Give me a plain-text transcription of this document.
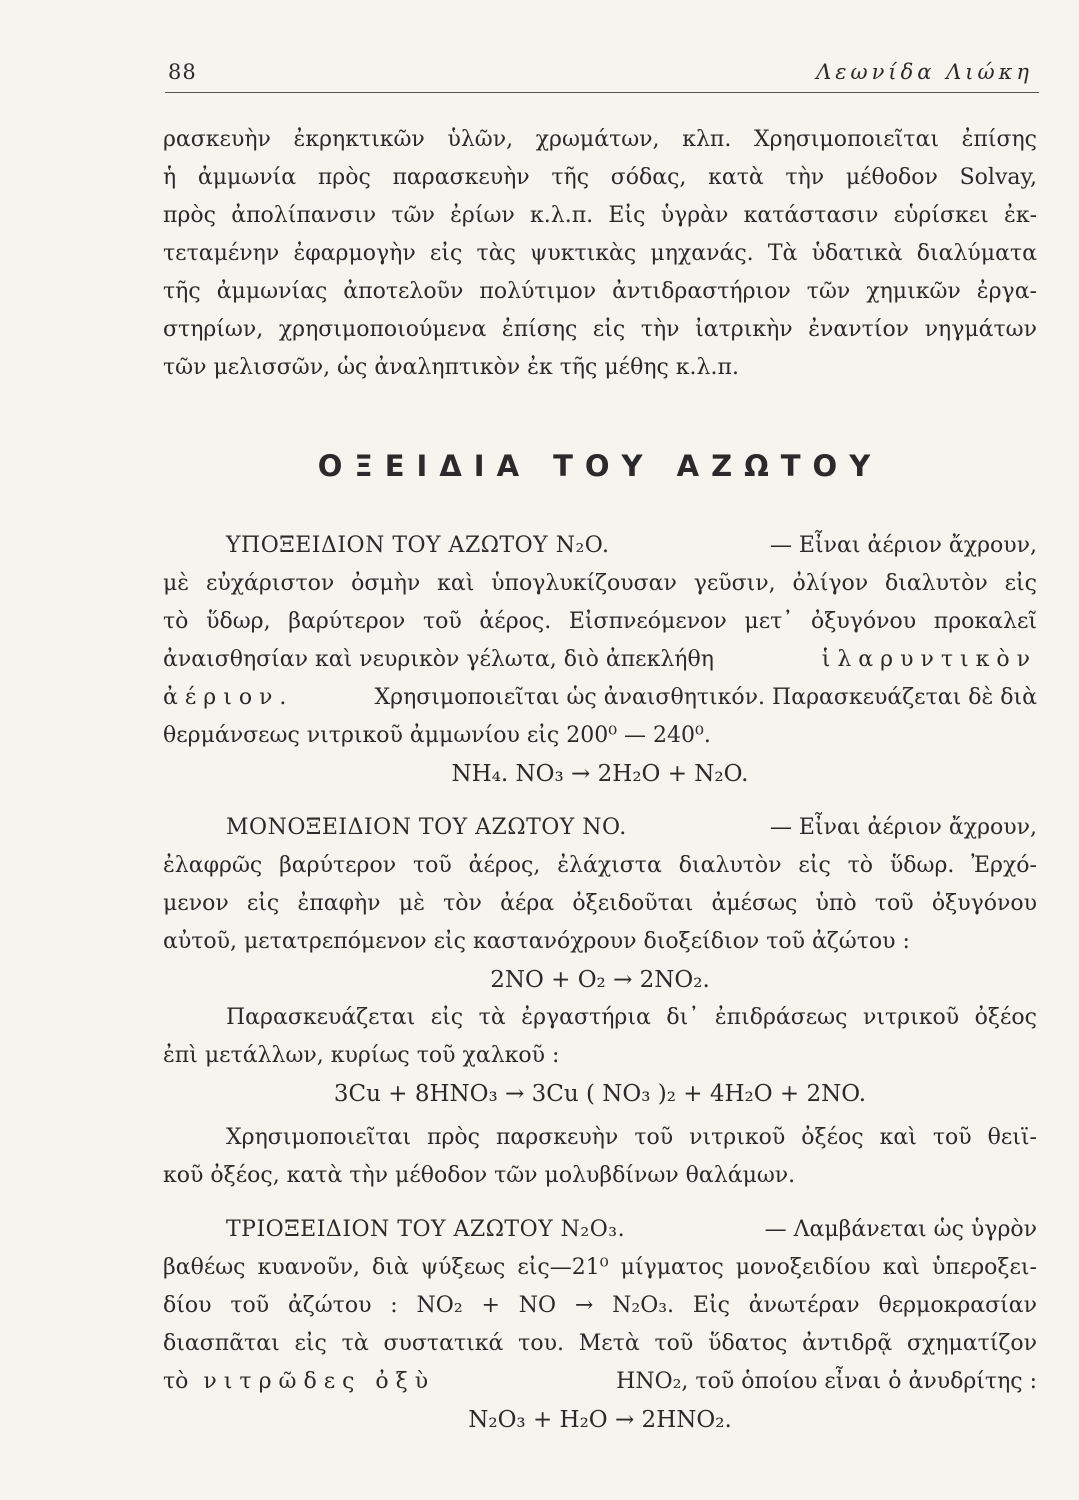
88	Λεωνίδα Λιώκη
ρασκευὴν ἐκρηκτικῶν ὑλῶν, χρωμάτων, κλπ. Χρησιμοποιεῖται ἐπίσης
ἡ ἀμμωνία πρὸς παρασκευὴν τῆς σόδας, κατὰ τὴν μέθοδον Solvay,
πρὸς ἀπολίπανσιν τῶν ἐρίων κ.λ.π. Εἰς ὑγρὰν κατάστασιν εὑρίσκει ἐκ-
τεταμένην ἐφαρμογὴν εἰς τὰς ψυκτικὰς μηχανάς. Τὰ ὑδατικὰ διαλύματα
τῆς ἀμμωνίας ἀποτελοῦν πολύτιμον ἀντιδραστήριον τῶν χημικῶν ἐργα-
στηρίων, χρησιμοποιούμενα ἐπίσης εἰς τὴν ἰατρικὴν ἐναντίον νηγμάτων
τῶν μελισσῶν, ὡς ἀναληπτικὸν ἐκ τῆς μέθης κ.λ.π.
ΟΞΕΙΔΙΑ ΤΟΥ ΑΖΩΤΟΥ
ΥΠΟΞΕΙΔΙΟΝ ΤΟΥ ΑΖΩΤΟΥ N₂O.	— Εἶναι ἀέριον ἄχρουν,
μὲ εὐχάριστον ὀσμὴν καὶ ὑπογλυκίζουσαν γεῦσιν, ὀλίγον διαλυτὸν εἰς
τὸ ὕδωρ, βαρύτερον τοῦ ἀέρος. Εἰσπνεόμενον μετ᾽ ὀξυγόνου προκαλεῖ
ἀναισθησίαν καὶ νευρικὸν γέλωτα, διὸ ἀπεκλήθη	ἱλαρυντικὸν
ἀέριον.	Χρησιμοποιεῖται ὡς ἀναισθητικόν. Παρασκευάζεται δὲ διὰ
θερμάνσεως νιτρικοῦ ἀμμωνίου εἰς 200⁰ — 240⁰.
NH₄. NO₃ → 2H₂O + N₂O.
ΜΟΝΟΞΕΙΔΙΟΝ ΤΟΥ ΑΖΩΤΟΥ NO.	— Εἶναι ἀέριον ἄχρουν,
ἐλαφρῶς βαρύτερον τοῦ ἀέρος, ἐλάχιστα διαλυτὸν εἰς τὸ ὕδωρ. Ἐρχό-
μενον εἰς ἐπαφὴν μὲ τὸν ἀέρα ὀξειδοῦται ἀμέσως ὑπὸ τοῦ ὀξυγόνου
αὐτοῦ, μετατρεπόμενον εἰς καστανόχρουν διοξείδιον τοῦ ἀζώτου :
2NO + O₂ → 2NO₂.
Παρασκευάζεται εἰς τὰ ἐργαστήρια δι᾽ ἐπιδράσεως νιτρικοῦ ὀξέος
ἐπὶ μετάλλων, κυρίως τοῦ χαλκοῦ :
3Cu + 8HNO₃ → 3Cu ( NO₃ )₂ + 4H₂O + 2NO.
Χρησιμοποιεῖται πρὸς παρσκευὴν τοῦ νιτρικοῦ ὀξέος καὶ τοῦ θειϊ-
κοῦ ὀξέος, κατὰ τὴν μέθοδον τῶν μολυβδίνων θαλάμων.
ΤΡΙΟΞΕΙΔΙΟΝ ΤΟΥ ΑΖΩΤΟΥ N₂O₃.	— Λαμβάνεται ὡς ὑγρὸν
βαθέως κυανοῦν, διὰ ψύξεως εἰς—21⁰ μίγματος μονοξειδίου καὶ ὑπεροξει-
δίου τοῦ ἀζώτου : NO₂ + NO → N₂O₃. Εἰς ἀνωτέραν θερμοκρασίαν
διασπᾶται εἰς τὰ συστατικά του. Μετὰ τοῦ ὕδατος ἀντιδρᾷ σχηματίζον
τὸ νιτρῶδες ὀξὺ	HNO₂, τοῦ ὁποίου εἶναι ὁ ἀνυδρίτης :
N₂O₃ + H₂O → 2HNO₂.
